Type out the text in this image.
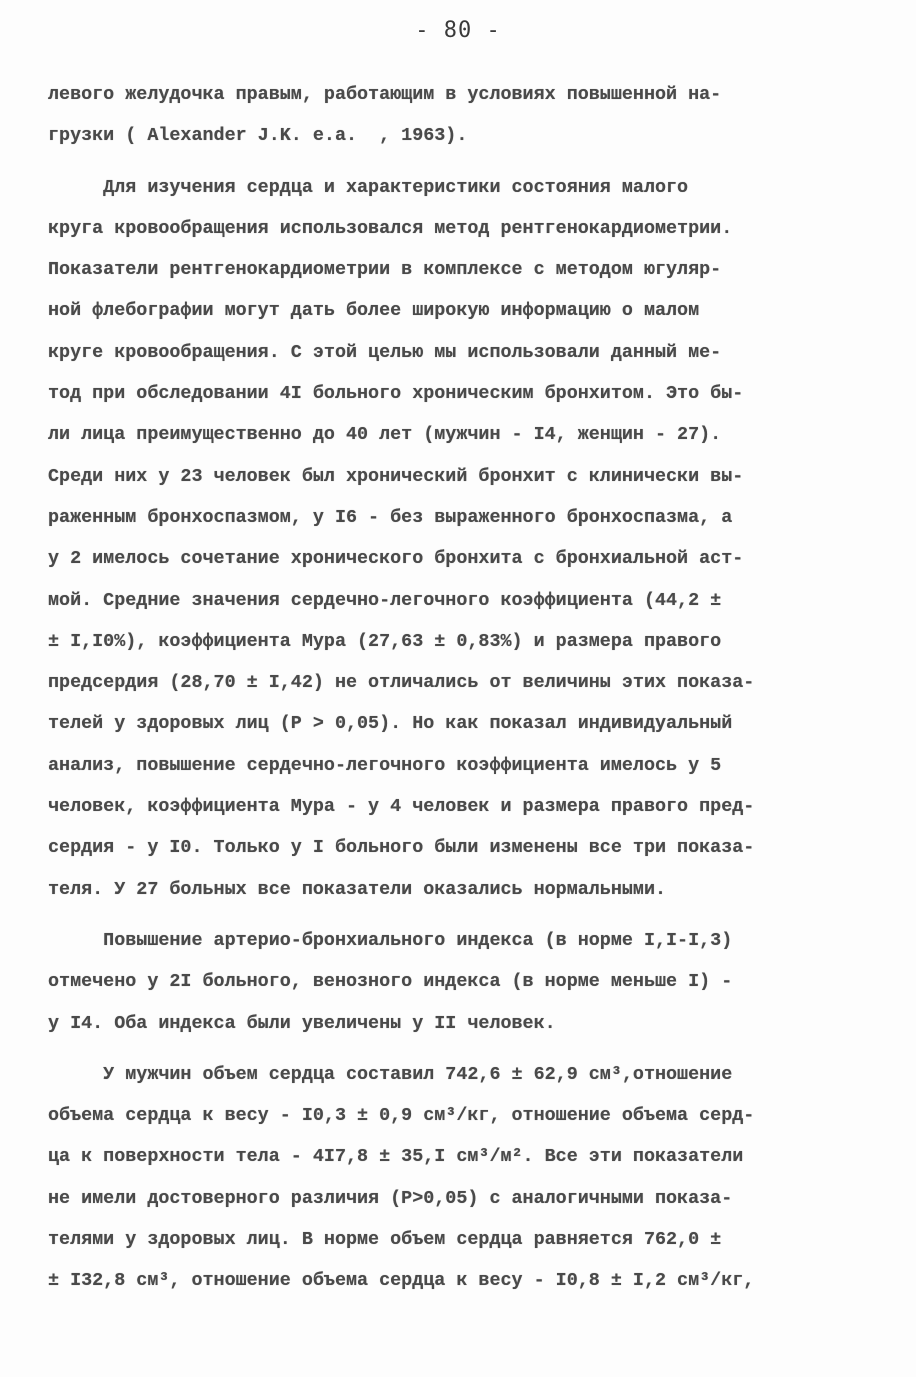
- 80 -
левого желудочка правым, работающим в условиях повышенной на-
грузки ( Alexander J.K. e.a.  , 1963).
Для изучения сердца и характеристики состояния малого
круга кровообращения использовался метод рентгенокардиометрии.
Показатели рентгенокардиометрии в комплексе с методом югуляр-
ной флебографии могут дать более широкую информацию о малом
круге кровообращения. С этой целью мы использовали данный ме-
тод при обследовании 4I больного хроническим бронхитом. Это бы-
ли лица преимущественно до 40 лет (мужчин - I4, женщин - 27).
Среди них у 23 человек был хронический бронхит с клинически вы-
раженным бронхоспазмом, у I6 - без выраженного бронхоспазма, а
у 2 имелось сочетание хронического бронхита с бронхиальной аст-
мой. Средние значения сердечно-легочного коэффициента (44,2 ±
± I,I0%), коэффициента Мура (27,63 ± 0,83%) и размера правого
предсердия (28,70 ± I,42) не отличались от величины этих показа-
телей у здоровых лиц (P > 0,05). Но как показал индивидуальный
анализ, повышение сердечно-легочного коэффициента имелось у 5
человек, коэффициента Мура - у 4 человек и размера правого пред-
сердия - у I0. Только у I больного были изменены все три показа-
теля. У 27 больных все показатели оказались нормальными.
Повышение артерио-бронхиального индекса (в норме I,I-I,3)
отмечено у 2I больного, венозного индекса (в норме меньше I) -
у I4. Оба индекса были увеличены у II человек.
У мужчин объем сердца составил 742,6 ± 62,9 см³,отношение
объема сердца к весу - I0,3 ± 0,9 см³/кг, отношение объема серд-
ца к поверхности тела - 4I7,8 ± 35,I см³/м². Все эти показатели
не имели достоверного различия (P>0,05) с аналогичными показа-
телями у здоровых лиц. В норме объем сердца равняется 762,0 ±
± I32,8 см³, отношение объема сердца к весу - I0,8 ± I,2 см³/кг,
